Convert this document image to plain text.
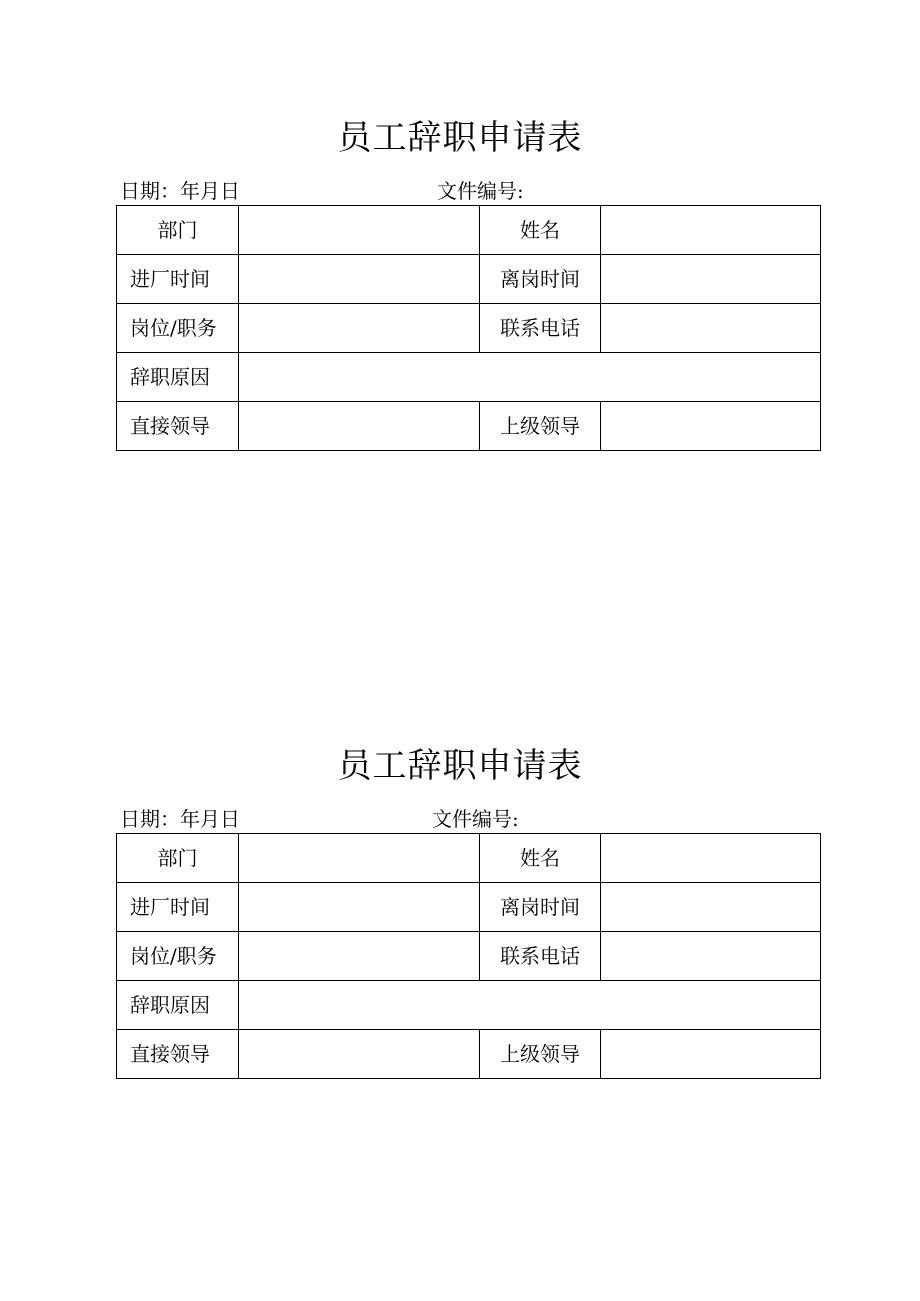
员工辞职申请表
日期：年月日	文件编号:
部门		姓名	
进厂时间		离岗时间	
岗位/职务		联系电话	
辞职原因			
直接领导		上级领导	
员工辞职申请表
日期：年月日	文件编号:
部门		姓名	
进厂时间		离岗时间	
岗位/职务		联系电话	
辞职原因			
直接领导		上级领导	
